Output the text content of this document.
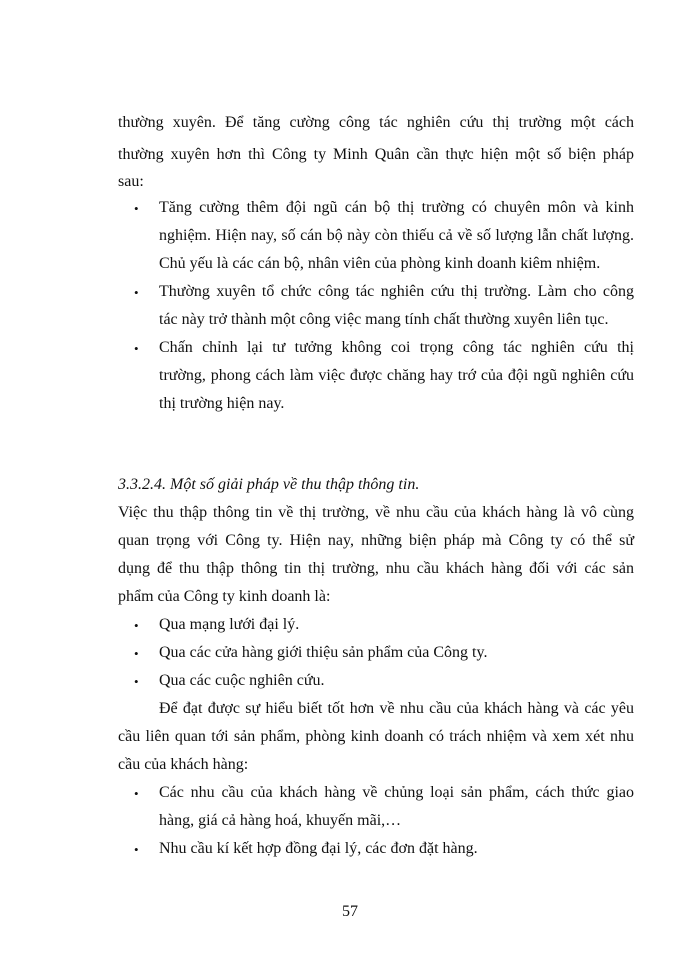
thường xuyên. Để tăng cường công tác nghiên cứu thị trường một cách
thường xuyên hơn thì Công ty Minh Quân cần thực hiện một số biện pháp
sau:
• Tăng cường thêm đội ngũ cán bộ thị trường có chuyên môn và kinh
nghiệm. Hiện nay, số cán bộ này còn thiếu cả về số lượng lẫn chất lượng.
Chủ yếu là các cán bộ, nhân viên của phòng kinh doanh kiêm nhiệm.
• Thường xuyên tổ chức công tác nghiên cứu thị trường. Làm cho công
tác này trở thành một công việc mang tính chất thường xuyên liên tục.
• Chấn chỉnh lại tư tưởng không coi trọng công tác nghiên cứu thị
trường, phong cách làm việc được chăng hay trớ của đội ngũ nghiên cứu
thị trường hiện nay.
3.3.2.4. Một số giải pháp về thu thập thông tin.
Việc thu thập thông tin về thị trường, về nhu cầu của khách hàng là vô cùng
quan trọng với Công ty. Hiện nay, những biện pháp mà Công ty có thể sử
dụng để thu thập thông tin thị trường, nhu cầu khách hàng đối với các sản
phẩm của Công ty kinh doanh là:
• Qua mạng lưới đại lý.
• Qua các cửa hàng giới thiệu sản phẩm của Công ty.
• Qua các cuộc nghiên cứu.
Để đạt được sự hiểu biết tốt hơn về nhu cầu của khách hàng và các yêu
cầu liên quan tới sản phẩm, phòng kinh doanh có trách nhiệm và xem xét nhu
cầu của khách hàng:
• Các nhu cầu của khách hàng về chủng loại sản phẩm, cách thức giao
hàng, giá cả hàng hoá, khuyến mãi,…
• Nhu cầu kí kết hợp đồng đại lý, các đơn đặt hàng.
57
